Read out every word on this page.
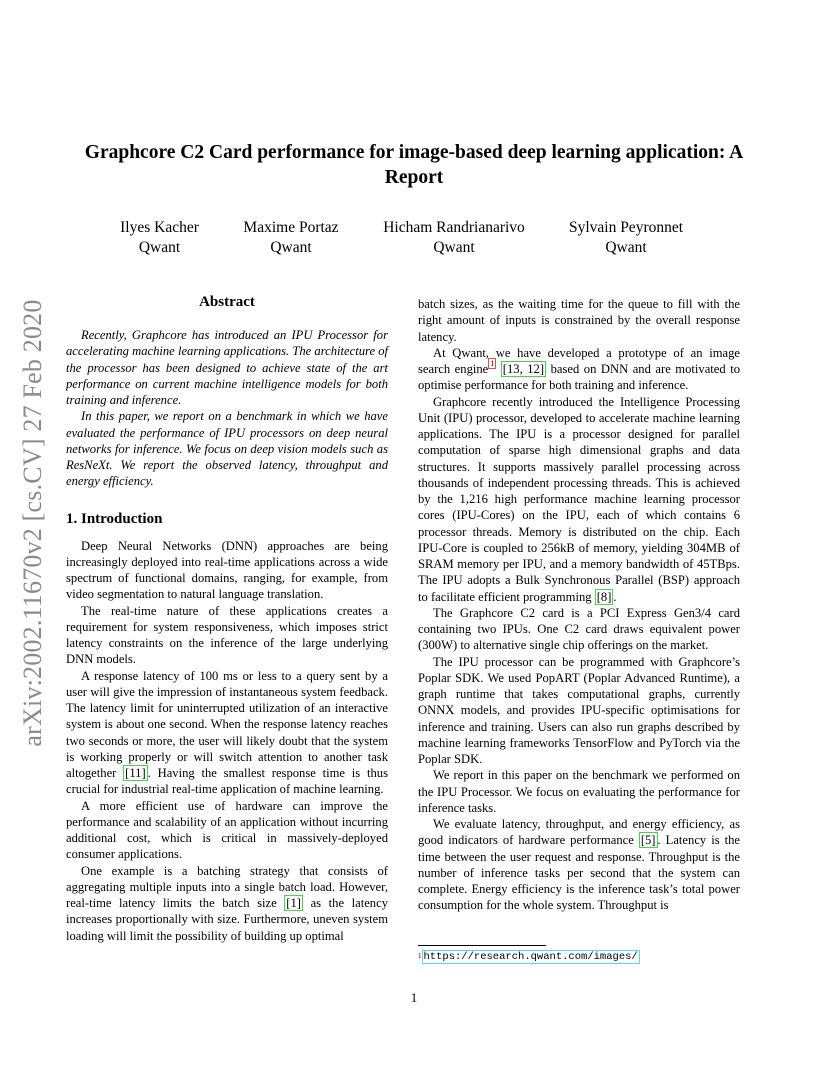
arXiv:2002.11670v2 [cs.CV] 27 Feb 2020
Graphcore C2 Card performance for image-based deep learning application: A Report
Ilyes Kacher
Qwant
Maxime Portaz
Qwant
Hicham Randrianarivo
Qwant
Sylvain Peyronnet
Qwant
Abstract

Recently, Graphcore has introduced an IPU Processor for accelerating machine learning applications. The architecture of the processor has been designed to achieve state of the art performance on current machine intelligence models for both training and inference.

In this paper, we report on a benchmark in which we have evaluated the performance of IPU processors on deep neural networks for inference. We focus on deep vision models such as ResNeXt. We report the observed latency, throughput and energy efficiency.

1. Introduction

Deep Neural Networks (DNN) approaches are being increasingly deployed into real-time applications across a wide spectrum of functional domains, ranging, for example, from video segmentation to natural language translation.

The real-time nature of these applications creates a requirement for system responsiveness, which imposes strict latency constraints on the inference of the large underlying DNN models.

A response latency of 100 ms or less to a query sent by a user will give the impression of instantaneous system feedback. The latency limit for uninterrupted utilization of an interactive system is about one second. When the response latency reaches two seconds or more, the user will likely doubt that the system is working properly or will switch attention to another task altogether [11] . Having the smallest response time is thus crucial for industrial real-time application of machine learning.

A more efficient use of hardware can improve the performance and scalability of an application without incurring additional cost, which is critical in massively-deployed consumer applications.

One example is a batching strategy that consists of aggregating multiple inputs into a single batch load. However, real-time latency limits the batch size [1] as the latency increases proportionally with size. Furthermore, uneven system loading will limit the possibility of building up optimal

batch sizes, as the waiting time for the queue to fill with the right amount of inputs is constrained by the overall response latency.

At Qwant, we have developed a prototype of an image search engine $^1$ [13, 12] based on DNN and are motivated to optimise performance for both training and inference.

Graphcore recently introduced the Intelligence Processing Unit (IPU) processor, developed to accelerate machine learning applications. The IPU is a processor designed for parallel computation of sparse high dimensional graphs and data structures. It supports massively parallel processing across thousands of independent processing threads. This is achieved by the 1,216 high performance machine learning processor cores (IPU-Cores) on the IPU, each of which contains 6 processor threads. Memory is distributed on the chip. Each IPU-Core is coupled to 256kB of memory, yielding 304MB of SRAM memory per IPU, and a memory bandwidth of 45TBps. The IPU adopts a Bulk Synchronous Parallel (BSP) approach to facilitate efficient programming [8] .

The Graphcore C2 card is a PCI Express Gen3/4 card containing two IPUs. One C2 card draws equivalent power (300W) to alternative single chip offerings on the market.

The IPU processor can be programmed with Graphcore’s Poplar SDK. We used PopART (Poplar Advanced Runtime), a graph runtime that takes computational graphs, currently ONNX models, and provides IPU-specific optimisations for inference and training. Users can also run graphs described by machine learning frameworks TensorFlow and PyTorch via the Poplar SDK.

We report in this paper on the benchmark we performed on the IPU Processor. We focus on evaluating the performance for inference tasks.

We evaluate latency, throughput, and energy efficiency, as good indicators of hardware performance [5] . Latency is the time between the user request and response. Throughput is the number of inference tasks per second that the system can complete. Energy efficiency is the inference task’s total power consumption for the whole system. Throughput is

$^1$ https://research.qwant.com/images/
1
